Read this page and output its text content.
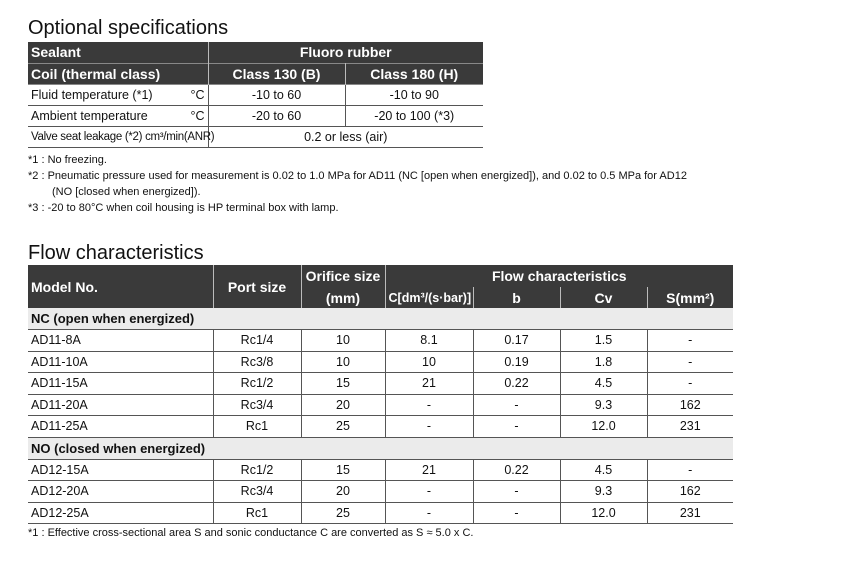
Optional specifications
Sealant	Fluoro rubber	
Coil (thermal class)	Class 130 (B)	Class 180 (H)

Fluid temperature (*1) °C	-10 to 60	-10 to 90

Ambient temperature °C	-20 to 60	-20 to 100 (*3)
Valve seat leakage (*2) cm³/min(ANR)	0.2 or less (air)	
*1 : No freezing.
*2 : Pneumatic pressure used for measurement is 0.02 to 1.0 MPa for AD11 (NC [open when energized]), and 0.02 to 0.5 MPa for AD12
(NO [closed when energized]).
*3 : -20 to 80°C when coil housing is HP terminal box with lamp.
Flow characteristics
Model No.	Port size	Orifice size	Flow characteristics			
		(mm)	C[dm³/(s·bar)]	b	Cv	S(mm²)
NC (open when energized)						
AD11-8A	Rc1/4	10	8.1	0.17	1.5	-
AD11-10A	Rc3/8	10	10	0.19	1.8	-
AD11-15A	Rc1/2	15	21	0.22	4.5	-
AD11-20A	Rc3/4	20	-	-	9.3	162
AD11-25A	Rc1	25	-	-	12.0	231
NO (closed when energized)						
AD12-15A	Rc1/2	15	21	0.22	4.5	-
AD12-20A	Rc3/4	20	-	-	9.3	162
AD12-25A	Rc1	25	-	-	12.0	231
*1 : Effective cross-sectional area S and sonic conductance C are converted as S ≈ 5.0 x C.
